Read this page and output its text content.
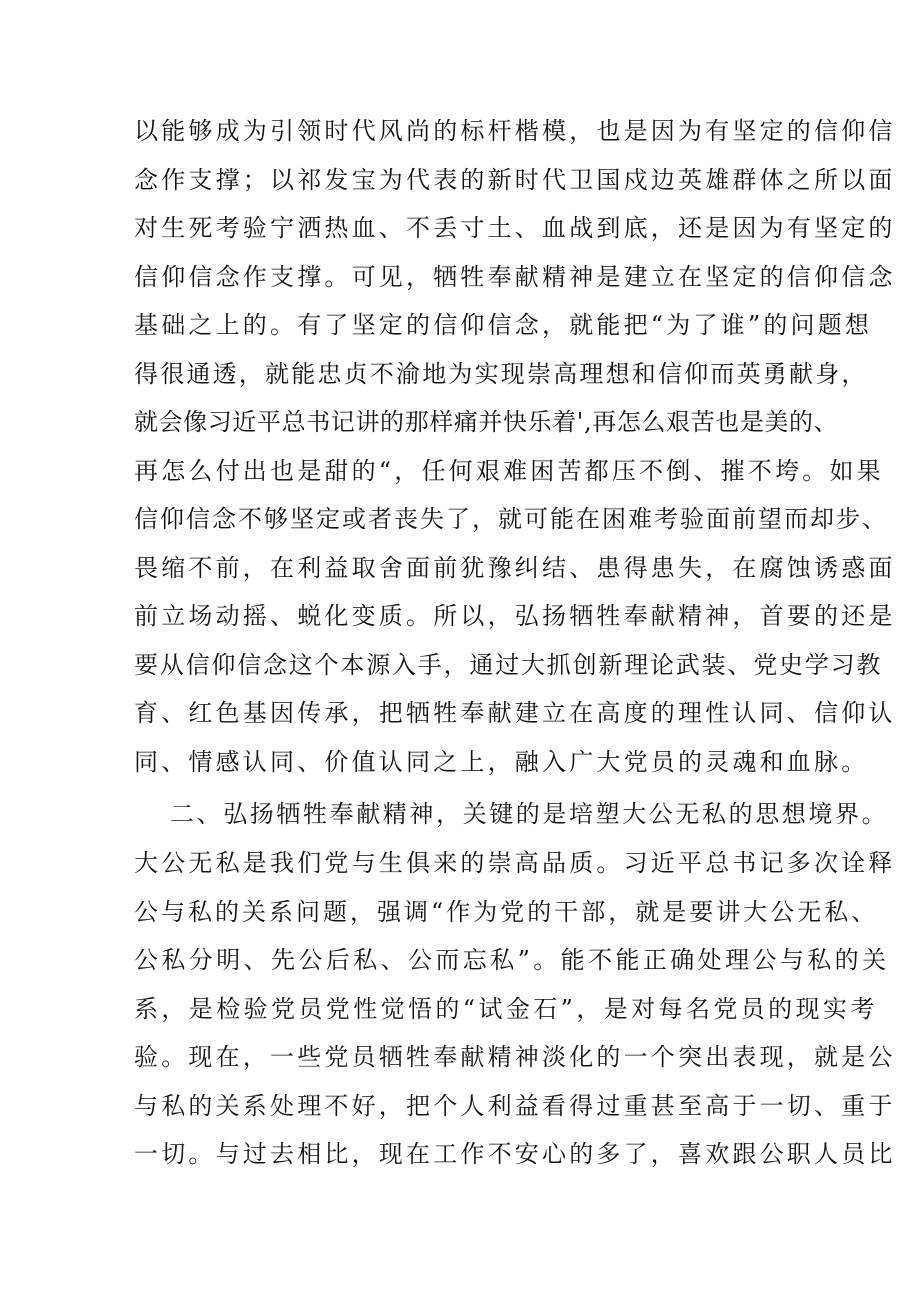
以能够成为引领时代风尚的标杆楷模，也是因为有坚定的信仰信
念作支撑；以祁发宝为代表的新时代卫国戍边英雄群体之所以面
对生死考验宁洒热血、不丢寸土、血战到底，还是因为有坚定的
信仰信念作支撑。可见，牺牲奉献精神是建立在坚定的信仰信念
基础之上的。有了坚定的信仰信念，就能把“为了谁”的问题想
得很通透，就能忠贞不渝地为实现崇高理想和信仰而英勇献身，
就会像习近平总书记讲的那样痛并快乐着',再怎么艰苦也是美的、
再怎么付出也是甜的“，任何艰难困苦都压不倒、摧不垮。如果
信仰信念不够坚定或者丧失了，就可能在困难考验面前望而却步、
畏缩不前，在利益取舍面前犹豫纠结、患得患失，在腐蚀诱惑面
前立场动摇、蜕化变质。所以，弘扬牺牲奉献精神，首要的还是
要从信仰信念这个本源入手，通过大抓创新理论武装、党史学习教
育、红色基因传承，把牺牲奉献建立在高度的理性认同、信仰认
同、情感认同、价值认同之上，融入广大党员的灵魂和血脉。
二、弘扬牺牲奉献精神，关键的是培塑大公无私的思想境界。
大公无私是我们党与生俱来的崇高品质。习近平总书记多次诠释
公与私的关系问题，强调“作为党的干部，就是要讲大公无私、
公私分明、先公后私、公而忘私”。能不能正确处理公与私的关
系，是检验党员党性觉悟的“试金石”，是对每名党员的现实考
验。现在，一些党员牺牲奉献精神淡化的一个突出表现，就是公
与私的关系处理不好，把个人利益看得过重甚至高于一切、重于
一切。与过去相比，现在工作不安心的多了，喜欢跟公职人员比
